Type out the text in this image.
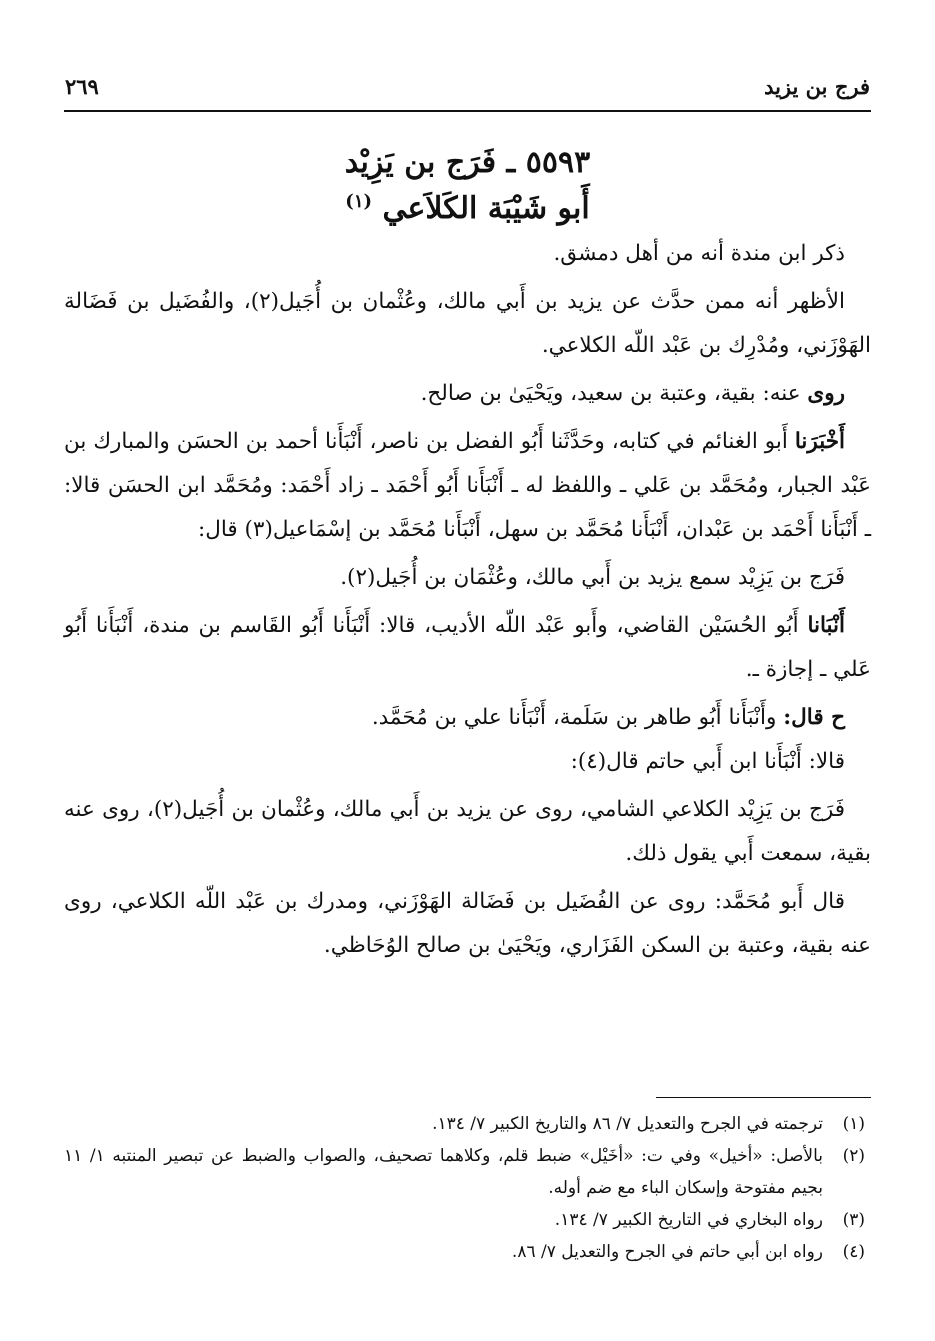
فرج بن يزيد
٢٦٩
٥٥٩٣ ـ فَرَج بن يَزِيْد
أَبو شَيْبَة الكَلاَعي $^{(١)}$

ذكر ابن مندة أنه من أهل دمشق.

الأظهر أنه ممن حدَّث عن يزيد بن أَبي مالك، وعُثْمان بن أُجَيل(٢)، والفُضَيل بن فَضَالة الهَوْزَني، ومُدْرِك بن عَبْد اللّه الكلاعي.

روى عنه: بقية، وعتبة بن سعيد، ويَحْيَىٰ بن صالح.

أَخْبَرَنا أَبو الغنائم في كتابه، وحَدَّثَنا أَبُو الفضل بن ناصر، أَنْبَأَنا أحمد بن الحسَن والمبارك بن عَبْد الجبار، ومُحَمَّد بن عَلي ـ واللفظ له ـ أَنْبَأَنا أَبُو أَحْمَد ـ زاد أَحْمَد: ومُحَمَّد ابن الحسَن قالا: ـ أَنْبَأَنا أَحْمَد بن عَبْدان، أَنْبَأَنا مُحَمَّد بن سهل، أَنْبَأَنا مُحَمَّد بن إسْمَاعيل(٣) قال:

فَرَج بن يَزِيْد سمع يزيد بن أَبي مالك، وعُثْمَان بن أُجَيل(٢).

أَنْبَانا أَبُو الحُسَيْن القاضي، وأَبو عَبْد اللّه الأديب، قالا: أَنْبَأَنا أَبُو القَاسم بن مندة، أَنْبَأَنا أَبُو عَلي ـ إجازة ـ.

ح قال: وأَنْبَأَنا أَبُو طاهر بن سَلَمة، أَنْبَأَنا علي بن مُحَمَّد.

قالا: أَنْبَأَنا ابن أَبي حاتم قال(٤):

فَرَج بن يَزِيْد الكلاعي الشامي، روى عن يزيد بن أَبي مالك، وعُثْمان بن أُجَيل(٢)، روى عنه بقية، سمعت أَبي يقول ذلك.

قال أَبو مُحَمَّد: روى عن الفُضَيل بن فَضَالة الهَوْزَني، ومدرك بن عَبْد اللّه الكلاعي، روى عنه بقية، وعتبة بن السكن الفَزَاري، ويَحْيَىٰ بن صالح الوُحَاظي.

(١)
ترجمته في الجرح والتعديل ٧/ ٨٦ والتاريخ الكبير ٧/ ١٣٤.
(٢)
بالأصل: «أخيل» وفي ت: «أخَيْل» ضبط قلم، وكلاهما تصحيف، والصواب والضبط عن تبصير المنتبه ١/ ١١ بجيم مفتوحة وإسكان الباء مع ضم أوله.
(٣)
رواه البخاري في التاريخ الكبير ٧/ ١٣٤.
(٤)
رواه ابن أبي حاتم في الجرح والتعديل ٧/ ٨٦.
